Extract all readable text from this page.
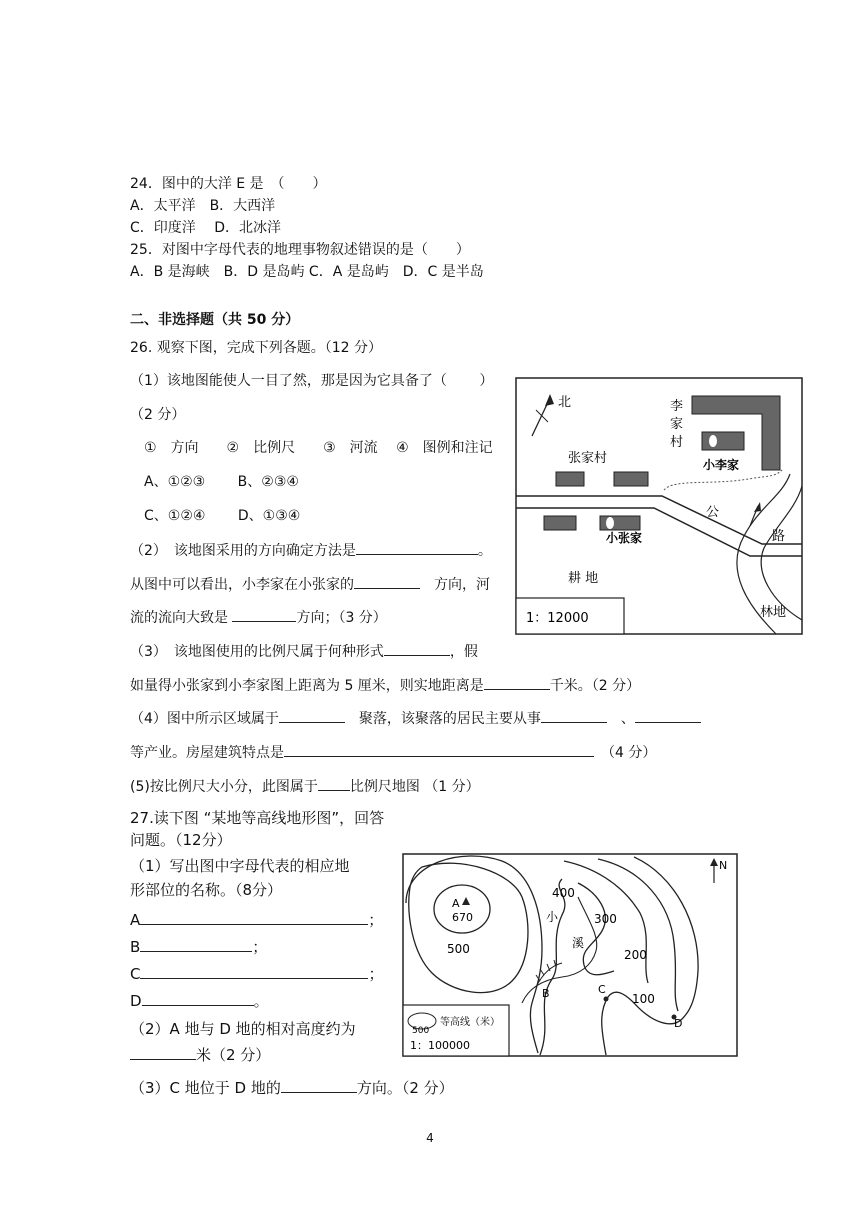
24．图中的大洋 E 是　（　　）
A．太平洋　B．大西洋
C．印度洋　 D．北冰洋
25．对图中字母代表的地理事物叙述错误的是（　　）
A．B 是海峡　B．D 是岛屿 C．A 是岛屿　D．C 是半岛
二、非选择题（共 50 分）
26. 观察下图，完成下列各题。（12 分）
（1）该地图能使人一目了然，那是因为它具备了（　　 ）
（2 分）
①　方向　　②　比例尺　　③　河流　 ④　图例和注记
A、①②③　　 B、②③④
C、①②④　　 D、①③④
（2）　该地图采用的方向确定方法是	。
从图中可以看出，小李家在小张家的	　方向，河
流的流向大致是	方向；（3 分）
（3）　该地图使用的比例尺属于何种形式	，假
如量得小张家到小李家图上距离为 5 厘米，则实地距离是	千米。（2 分）
（4）图中所示区域属于	　聚落，该聚落的居民主要从事	　、
等产业。房屋建筑特点是	　（4 分）
(5)按比例尺大小分，此图属于 比例尺地图 （1 分）
北	李
家
村
小李家
张家村
公
路
小张家
耕 地
林地
1：12000
27.读下图 “某地等高线地形图”，回答
问题。（12分）
（1）写出图中字母代表的相应地
形部位的名称。（8分）
A	；
B	；
C	；
D	。
（2）A 地与 D 地的相对高度约为
米（2 分）
（3）C 地位于 D 地的	方向。（2 分）
N
500
A
670
400
300
200
100
小
溪
B	C
D
500
等高线（米）
1：100000
4
